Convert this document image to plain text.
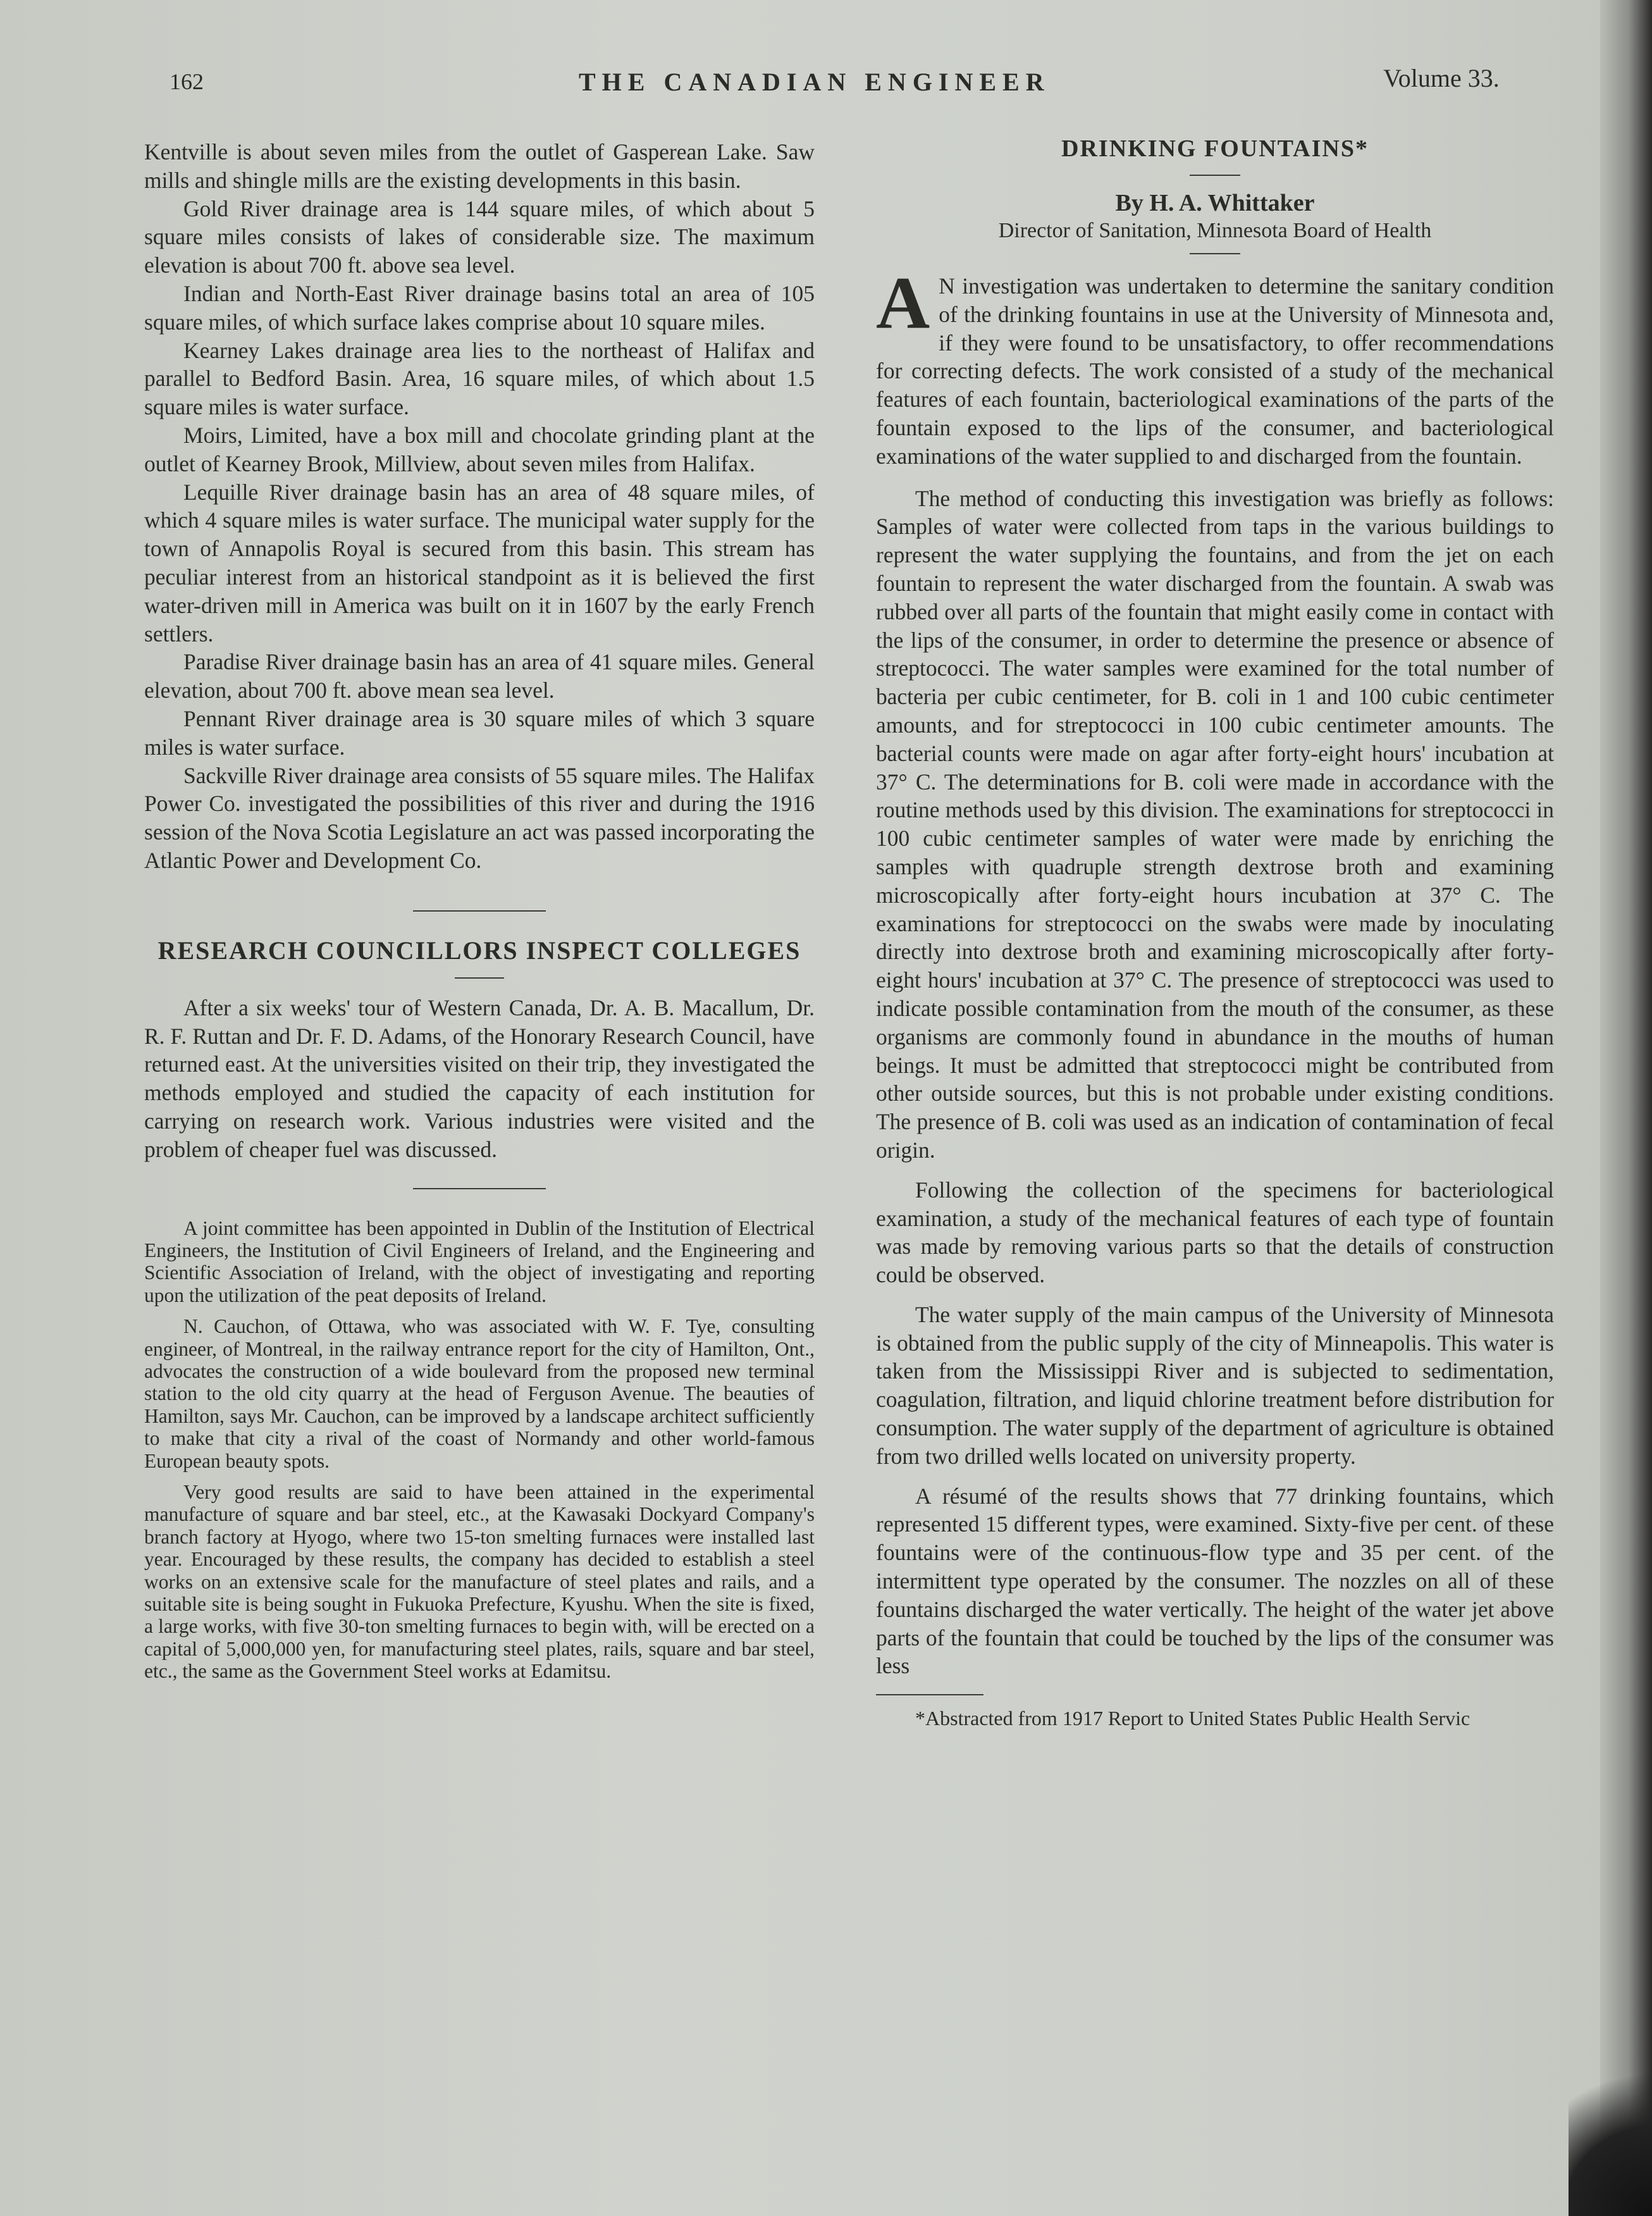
162	THE CANADIAN ENGINEER	Volume 33.

Kentville is about seven miles from the outlet of Gasperean Lake. Saw mills and shingle mills are the existing developments in this basin.

Gold River drainage area is 144 square miles, of which about 5 square miles consists of lakes of considerable size. The maximum elevation is about 700 ft. above sea level.

Indian and North-East River drainage basins total an area of 105 square miles, of which surface lakes comprise about 10 square miles.

Kearney Lakes drainage area lies to the northeast of Halifax and parallel to Bedford Basin. Area, 16 square miles, of which about 1.5 square miles is water surface.

Moirs, Limited, have a box mill and chocolate grinding plant at the outlet of Kearney Brook, Millview, about seven miles from Halifax.

Lequille River drainage basin has an area of 48 square miles, of which 4 square miles is water surface. The municipal water supply for the town of Annapolis Royal is secured from this basin. This stream has peculiar interest from an historical standpoint as it is believed the first water-driven mill in America was built on it in 1607 by the early French settlers.

Paradise River drainage basin has an area of 41 square miles. General elevation, about 700 ft. above mean sea level.

Pennant River drainage area is 30 square miles of which 3 square miles is water surface.

Sackville River drainage area consists of 55 square miles. The Halifax Power Co. investigated the possibilities of this river and during the 1916 session of the Nova Scotia Legislature an act was passed incorporating the Atlantic Power and Development Co.

RESEARCH COUNCILLORS INSPECT COLLEGES

After a six weeks' tour of Western Canada, Dr. A. B. Macallum, Dr. R. F. Ruttan and Dr. F. D. Adams, of the Honorary Research Council, have returned east. At the universities visited on their trip, they investigated the methods employed and studied the capacity of each institution for carrying on research work. Various industries were visited and the problem of cheaper fuel was discussed.

A joint committee has been appointed in Dublin of the Institution of Electrical Engineers, the Institution of Civil Engineers of Ireland, and the Engineering and Scientific Association of Ireland, with the object of investigating and reporting upon the utilization of the peat deposits of Ireland.

N. Cauchon, of Ottawa, who was associated with W. F. Tye, consulting engineer, of Montreal, in the railway entrance report for the city of Hamilton, Ont., advocates the construction of a wide boulevard from the proposed new terminal station to the old city quarry at the head of Ferguson Avenue. The beauties of Hamilton, says Mr. Cauchon, can be improved by a landscape architect sufficiently to make that city a rival of the coast of Normandy and other world-famous European beauty spots.

Very good results are said to have been attained in the experimental manufacture of square and bar steel, etc., at the Kawasaki Dockyard Company's branch factory at Hyogo, where two 15-ton smelting furnaces were installed last year. Encouraged by these results, the company has decided to establish a steel works on an extensive scale for the manufacture of steel plates and rails, and a suitable site is being sought in Fukuoka Prefecture, Kyushu. When the site is fixed, a large works, with five 30-ton smelting furnaces to begin with, will be erected on a capital of 5,000,000 yen, for manufacturing steel plates, rails, square and bar steel, etc., the same as the Government Steel works at Edamitsu.

DRINKING FOUNTAINS*
By H. A. Whittaker
Director of Sanitation, Minnesota Board of Health

A N investigation was undertaken to determine the sanitary condition of the drinking fountains in use at the University of Minnesota and, if they were found to be unsatisfactory, to offer recommendations for correcting defects. The work consisted of a study of the mechanical features of each fountain, bacteriological examinations of the parts of the fountain exposed to the lips of the consumer, and bacteriological examinations of the water supplied to and discharged from the fountain.

The method of conducting this investigation was briefly as follows: Samples of water were collected from taps in the various buildings to represent the water supplying the fountains, and from the jet on each fountain to represent the water discharged from the fountain. A swab was rubbed over all parts of the fountain that might easily come in contact with the lips of the consumer, in order to determine the presence or absence of streptococci. The water samples were examined for the total number of bacteria per cubic centimeter, for B. coli in 1 and 100 cubic centimeter amounts, and for streptococci in 100 cubic centimeter amounts. The bacterial counts were made on agar after forty-eight hours' incubation at 37° C. The determinations for B. coli were made in accordance with the routine methods used by this division. The examinations for streptococci in 100 cubic centimeter samples of water were made by enriching the samples with quadruple strength dextrose broth and examining microscopically after forty-eight hours incubation at 37° C. The examinations for streptococci on the swabs were made by inoculating directly into dextrose broth and examining microscopically after forty-eight hours' incubation at 37° C. The presence of streptococci was used to indicate possible contamination from the mouth of the consumer, as these organisms are commonly found in abundance in the mouths of human beings. It must be admitted that streptococci might be contributed from other outside sources, but this is not probable under existing conditions. The presence of B. coli was used as an indication of contamination of fecal origin.

Following the collection of the specimens for bacteriological examination, a study of the mechanical features of each type of fountain was made by removing various parts so that the details of construction could be observed.

The water supply of the main campus of the University of Minnesota is obtained from the public supply of the city of Minneapolis. This water is taken from the Mississippi River and is subjected to sedimentation, coagulation, filtration, and liquid chlorine treatment before distribution for consumption. The water supply of the department of agriculture is obtained from two drilled wells located on university property.

A résumé of the results shows that 77 drinking fountains, which represented 15 different types, were examined. Sixty-five per cent. of these fountains were of the continuous-flow type and 35 per cent. of the intermittent type operated by the consumer. The nozzles on all of these fountains discharged the water vertically. The height of the water jet above parts of the fountain that could be touched by the lips of the consumer was less

*Abstracted from 1917 Report to United States Public Health Servic
